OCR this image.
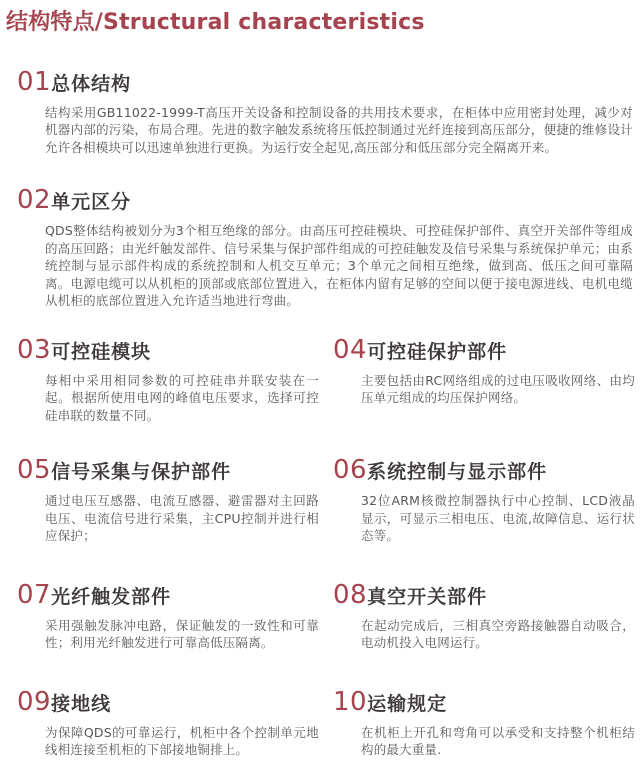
结构特点/Structural characteristics
01 总体结构
结构采用GB11022-1999-T高压开关设备和控制设备的共用技术要求，在柜体中应用密封处理，减少对机器内部的污染，布局合理。先进的数字触发系统将压低控制通过光纤连接到高压部分，便捷的维修设计允许各相模块可以迅速单独进行更换。为运行安全起见,高压部分和低压部分完全隔离开来。
02 单元区分
QDS整体结构被划分为3个相互绝缘的部分。由高压可控硅模块、可控硅保护部件、真空开关部件等组成的高压回路；由光纤触发部件、信号采集与保护部件组成的可控硅触发及信号采集与系统保护单元；由系统控制与显示部件构成的系统控制和人机交互单元；3个单元之间相互绝缘，做到高、低压之间可靠隔离。电源电缆可以从机柜的顶部或底部位置进入，在柜体内留有足够的空间以便于接电源进线、电机电缆从机柜的底部位置进入允许适当地进行弯曲。
03 可控硅模块
每相中采用相同参数的可控硅串并联安装在一起。根据所使用电网的峰值电压要求，选择可控硅串联的数量不同。
04 可控硅保护部件
主要包括由RC网络组成的过电压吸收网络、由均压单元组成的均压保护网络。
05 信号采集与保护部件
通过电压互感器、电流互感器、避雷器对主回路电压、电流信号进行采集，主CPU控制并进行相应保护；
06 系统控制与显示部件
32位ARM核微控制器执行中心控制、LCD液晶显示，可显示三相电压、电流,故障信息、运行状态等。
07 光纤触发部件
采用强触发脉冲电路，保证触发的一致性和可靠性；利用光纤触发进行可靠高低压隔离。
08 真空开关部件
在起动完成后，三相真空旁路接触器自动吸合，电动机投入电网运行。
09 接地线
为保障QDS的可靠运行，机柜中各个控制单元地线相连接至机柜的下部接地铜排上。
10 运输规定
在机柜上开孔和弯角可以承受和支持整个机柜结构的最大重量.
